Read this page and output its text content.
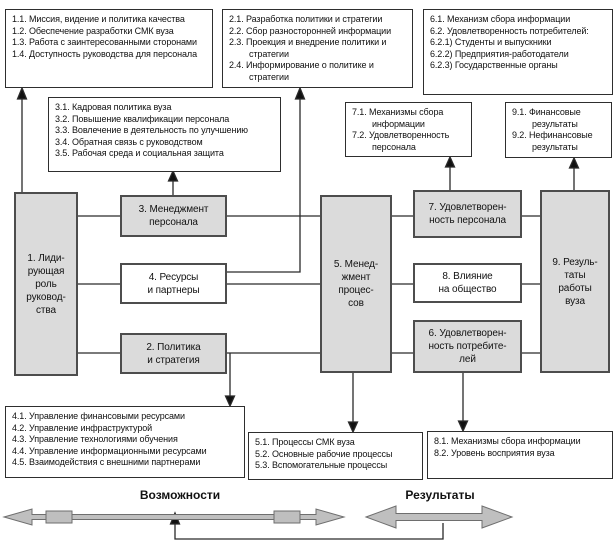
1.1. Миссия, видение и политика качества
1.2. Обеспечение разработки СМК вуза
1.3. Работа с заинтересованными сторонами
1.4. Доступность руководства для персонала
2.1. Разработка политики и стратегии
2.2. Сбор разносторонней информации
2.3. Проекция и внедрение политики и стратегии
2.4. Информирование о политике и стратегии
6.1. Механизм сбора информации
6.2. Удовлетворенность потребителей:
6.2.1) Студенты и выпускники
6.2.2) Предприятия-работодатели
6.2.3) Государственные органы
3.1. Кадровая политика вуза
3.2. Повышение квалификации персонала
3.3. Вовлечение в деятельность по улучшению
3.4. Обратная связь с руководством
3.5. Рабочая среда и социальная защита
7.1. Механизмы сбора информации
7.2. Удовлетворенность персонала
9.1. Финансовые результаты
9.2. Нефинансовые результаты
1. Лиди-
рующая
роль
руковод-
ства
3. Менеджмент
персонала
4. Ресурсы
и партнеры
2. Политика
и стратегия
5. Менед-
жмент
процес-
сов
7. Удовлетворен-
ность персонала
8. Влияние
на общество
6. Удовлетворен-
ность потребите-
лей
9. Резуль-
таты
работы
вуза
4.1. Управление финансовыми ресурсами
4.2. Управление инфраструктурой
4.3. Управление технологиями обучения
4.4. Управление информационными ресурсами
4.5. Взаимодействия с внешними партнерами
5.1. Процессы СМК вуза
5.2. Основные рабочие процессы
5.3. Вспомогательные процессы
8.1. Механизмы сбора информации
8.2. Уровень восприятия вуза
Возможности	Результаты
